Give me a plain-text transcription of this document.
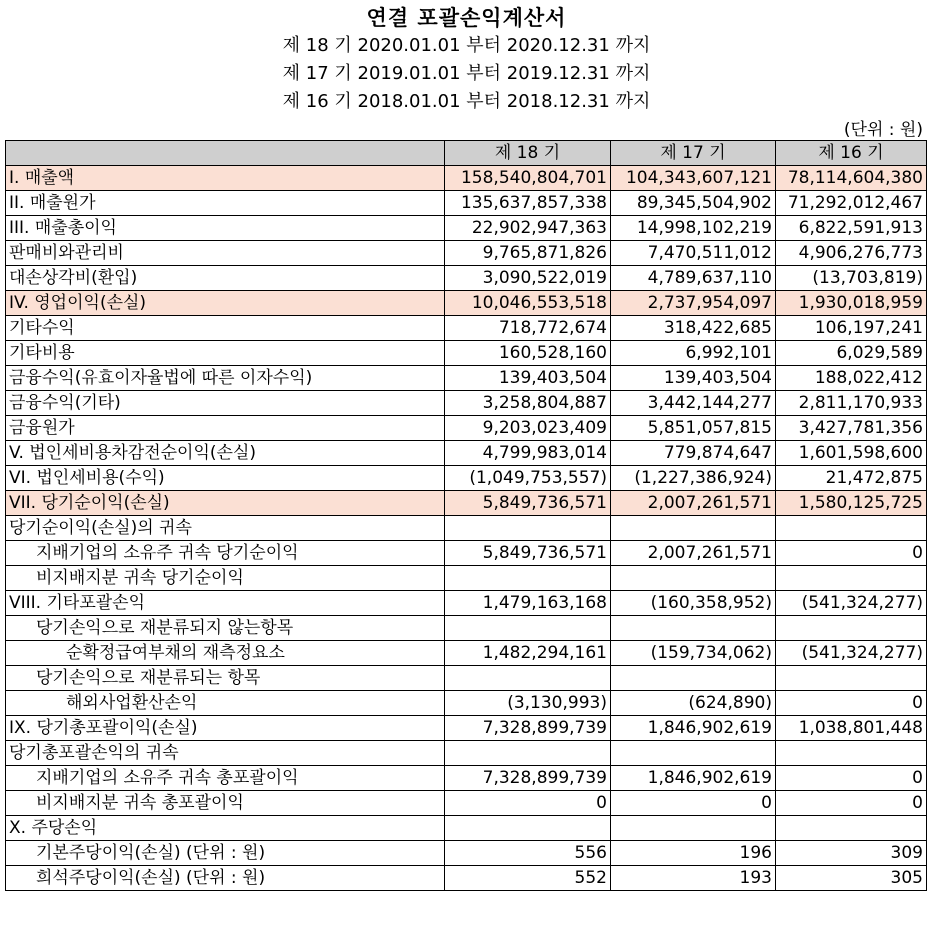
연결 포괄손익계산서
제 18 기 2020.01.01 부터 2020.12.31 까지
제 17 기 2019.01.01 부터 2019.12.31 까지
제 16 기 2018.01.01 부터 2018.12.31 까지
(단위 : 원)
	제 18 기	제 17 기	제 16 기
I. 매출액	158,540,804,701	104,343,607,121	78,114,604,380
II. 매출원가	135,637,857,338	89,345,504,902	71,292,012,467
III. 매출총이익	22,902,947,363	14,998,102,219	6,822,591,913
판매비와관리비	9,765,871,826	7,470,511,012	4,906,276,773
대손상각비(환입)	3,090,522,019	4,789,637,110	(13,703,819)
IV. 영업이익(손실)	10,046,553,518	2,737,954,097	1,930,018,959
기타수익	718,772,674	318,422,685	106,197,241
기타비용	160,528,160	6,992,101	6,029,589
금융수익(유효이자율법에 따른 이자수익)	139,403,504	139,403,504	188,022,412
금융수익(기타)	3,258,804,887	3,442,144,277	2,811,170,933
금융원가	9,203,023,409	5,851,057,815	3,427,781,356
V. 법인세비용차감전순이익(손실)	4,799,983,014	779,874,647	1,601,598,600
VI. 법인세비용(수익)	(1,049,753,557)	(1,227,386,924)	21,472,875
VII. 당기순이익(손실)	5,849,736,571	2,007,261,571	1,580,125,725
당기순이익(손실)의 귀속			
지배기업의 소유주 귀속 당기순이익	5,849,736,571	2,007,261,571	0
비지배지분 귀속 당기순이익			
VIII. 기타포괄손익	1,479,163,168	(160,358,952)	(541,324,277)
당기손익으로 재분류되지 않는항목			
순확정급여부채의 재측정요소	1,482,294,161	(159,734,062)	(541,324,277)
당기손익으로 재분류되는 항목			
해외사업환산손익	(3,130,993)	(624,890)	0
IX. 당기총포괄이익(손실)	7,328,899,739	1,846,902,619	1,038,801,448
당기총포괄손익의 귀속			
지배기업의 소유주 귀속 총포괄이익	7,328,899,739	1,846,902,619	0
비지배지분 귀속 총포괄이익	0	0	0
X. 주당손익			
기본주당이익(손실) (단위 : 원)	556	196	309
희석주당이익(손실) (단위 : 원)	552	193	305
